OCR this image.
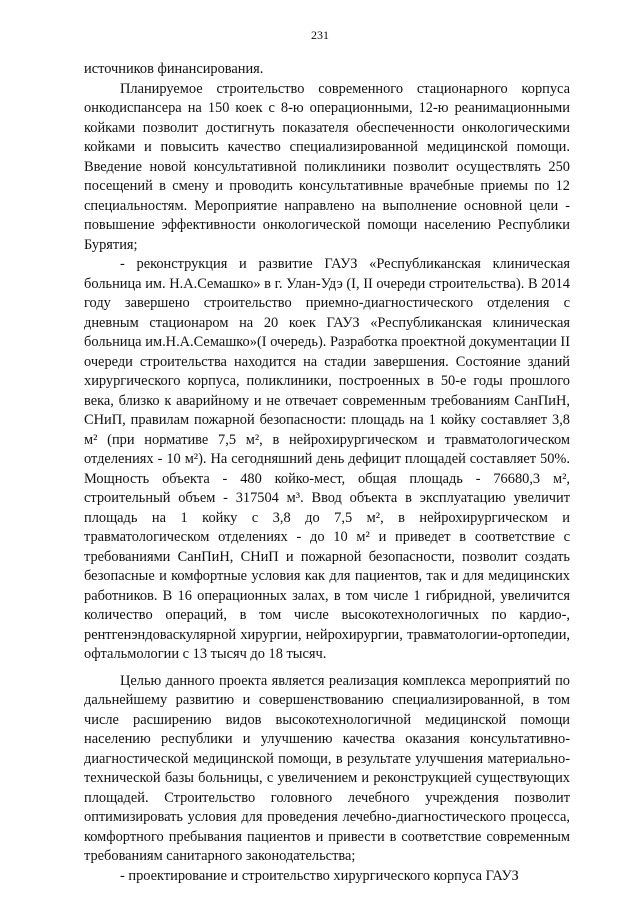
231

источников финансирования.

Планируемое строительство современного стационарного корпуса онкодиспансера на 150 коек с 8-ю операционными, 12-ю реанимационными койками позволит достигнуть показателя обеспеченности онкологическими койками и повысить качество специализированной медицинской помощи. Введение новой консультативной поликлиники позволит осуществлять 250 посещений в смену и проводить консультативные врачебные приемы по 12 специальностям. Мероприятие направлено на выполнение основной цели - повышение эффективности онкологической помощи населению Республики Бурятия;

- реконструкция и развитие ГАУЗ «Республиканская клиническая больница им. Н.А.Семашко» в г. Улан-Удэ (I, II очереди строительства). В 2014 году завершено строительство приемно-диагностического отделения с дневным стационаром на 20 коек ГАУЗ «Республиканская клиническая больница им.Н.А.Семашко»(I очередь). Разработка проектной документации II очереди строительства находится на стадии завершения. Состояние зданий хирургического корпуса, поликлиники, построенных в 50-е годы прошлого века, близко к аварийному и не отвечает современным требованиям СанПиН, СНиП, правилам пожарной безопасности: площадь на 1 койку составляет 3,8 м² (при нормативе 7,5 м², в нейрохирургическом и травматологическом отделениях - 10 м²). На сегодняшний день дефицит площадей составляет 50%. Мощность объекта - 480 койко-мест, общая площадь - 76680,3 м², строительный объем - 317504 м³. Ввод объекта в эксплуатацию увеличит площадь на 1 койку с 3,8 до 7,5 м², в нейрохирургическом и травматологическом отделениях - до 10 м² и приведет в соответствие с требованиями СанПиН, СНиП и пожарной безопасности, позволит создать безопасные и комфортные условия как для пациентов, так и для медицинских работников. В 16 операционных залах, в том числе 1 гибридной, увеличится количество операций, в том числе высокотехнологичных по кардио-, рентгенэндоваскулярной хирургии, нейрохирургии, травматологии-ортопедии, офтальмологии с 13 тысяч до 18 тысяч.

Целью данного проекта является реализация комплекса мероприятий по дальнейшему развитию и совершенствованию специализированной, в том числе расширению видов высокотехнологичной медицинской помощи населению республики и улучшению качества оказания консультативно-диагностической медицинской помощи, в результате улучшения материально-технической базы больницы, с увеличением и реконструкцией существующих площадей. Строительство головного лечебного учреждения позволит оптимизировать условия для проведения лечебно-диагностического процесса, комфортного пребывания пациентов и привести в соответствие современным требованиям санитарного законодательства;

- проектирование и строительство хирургического корпуса ГАУЗ
